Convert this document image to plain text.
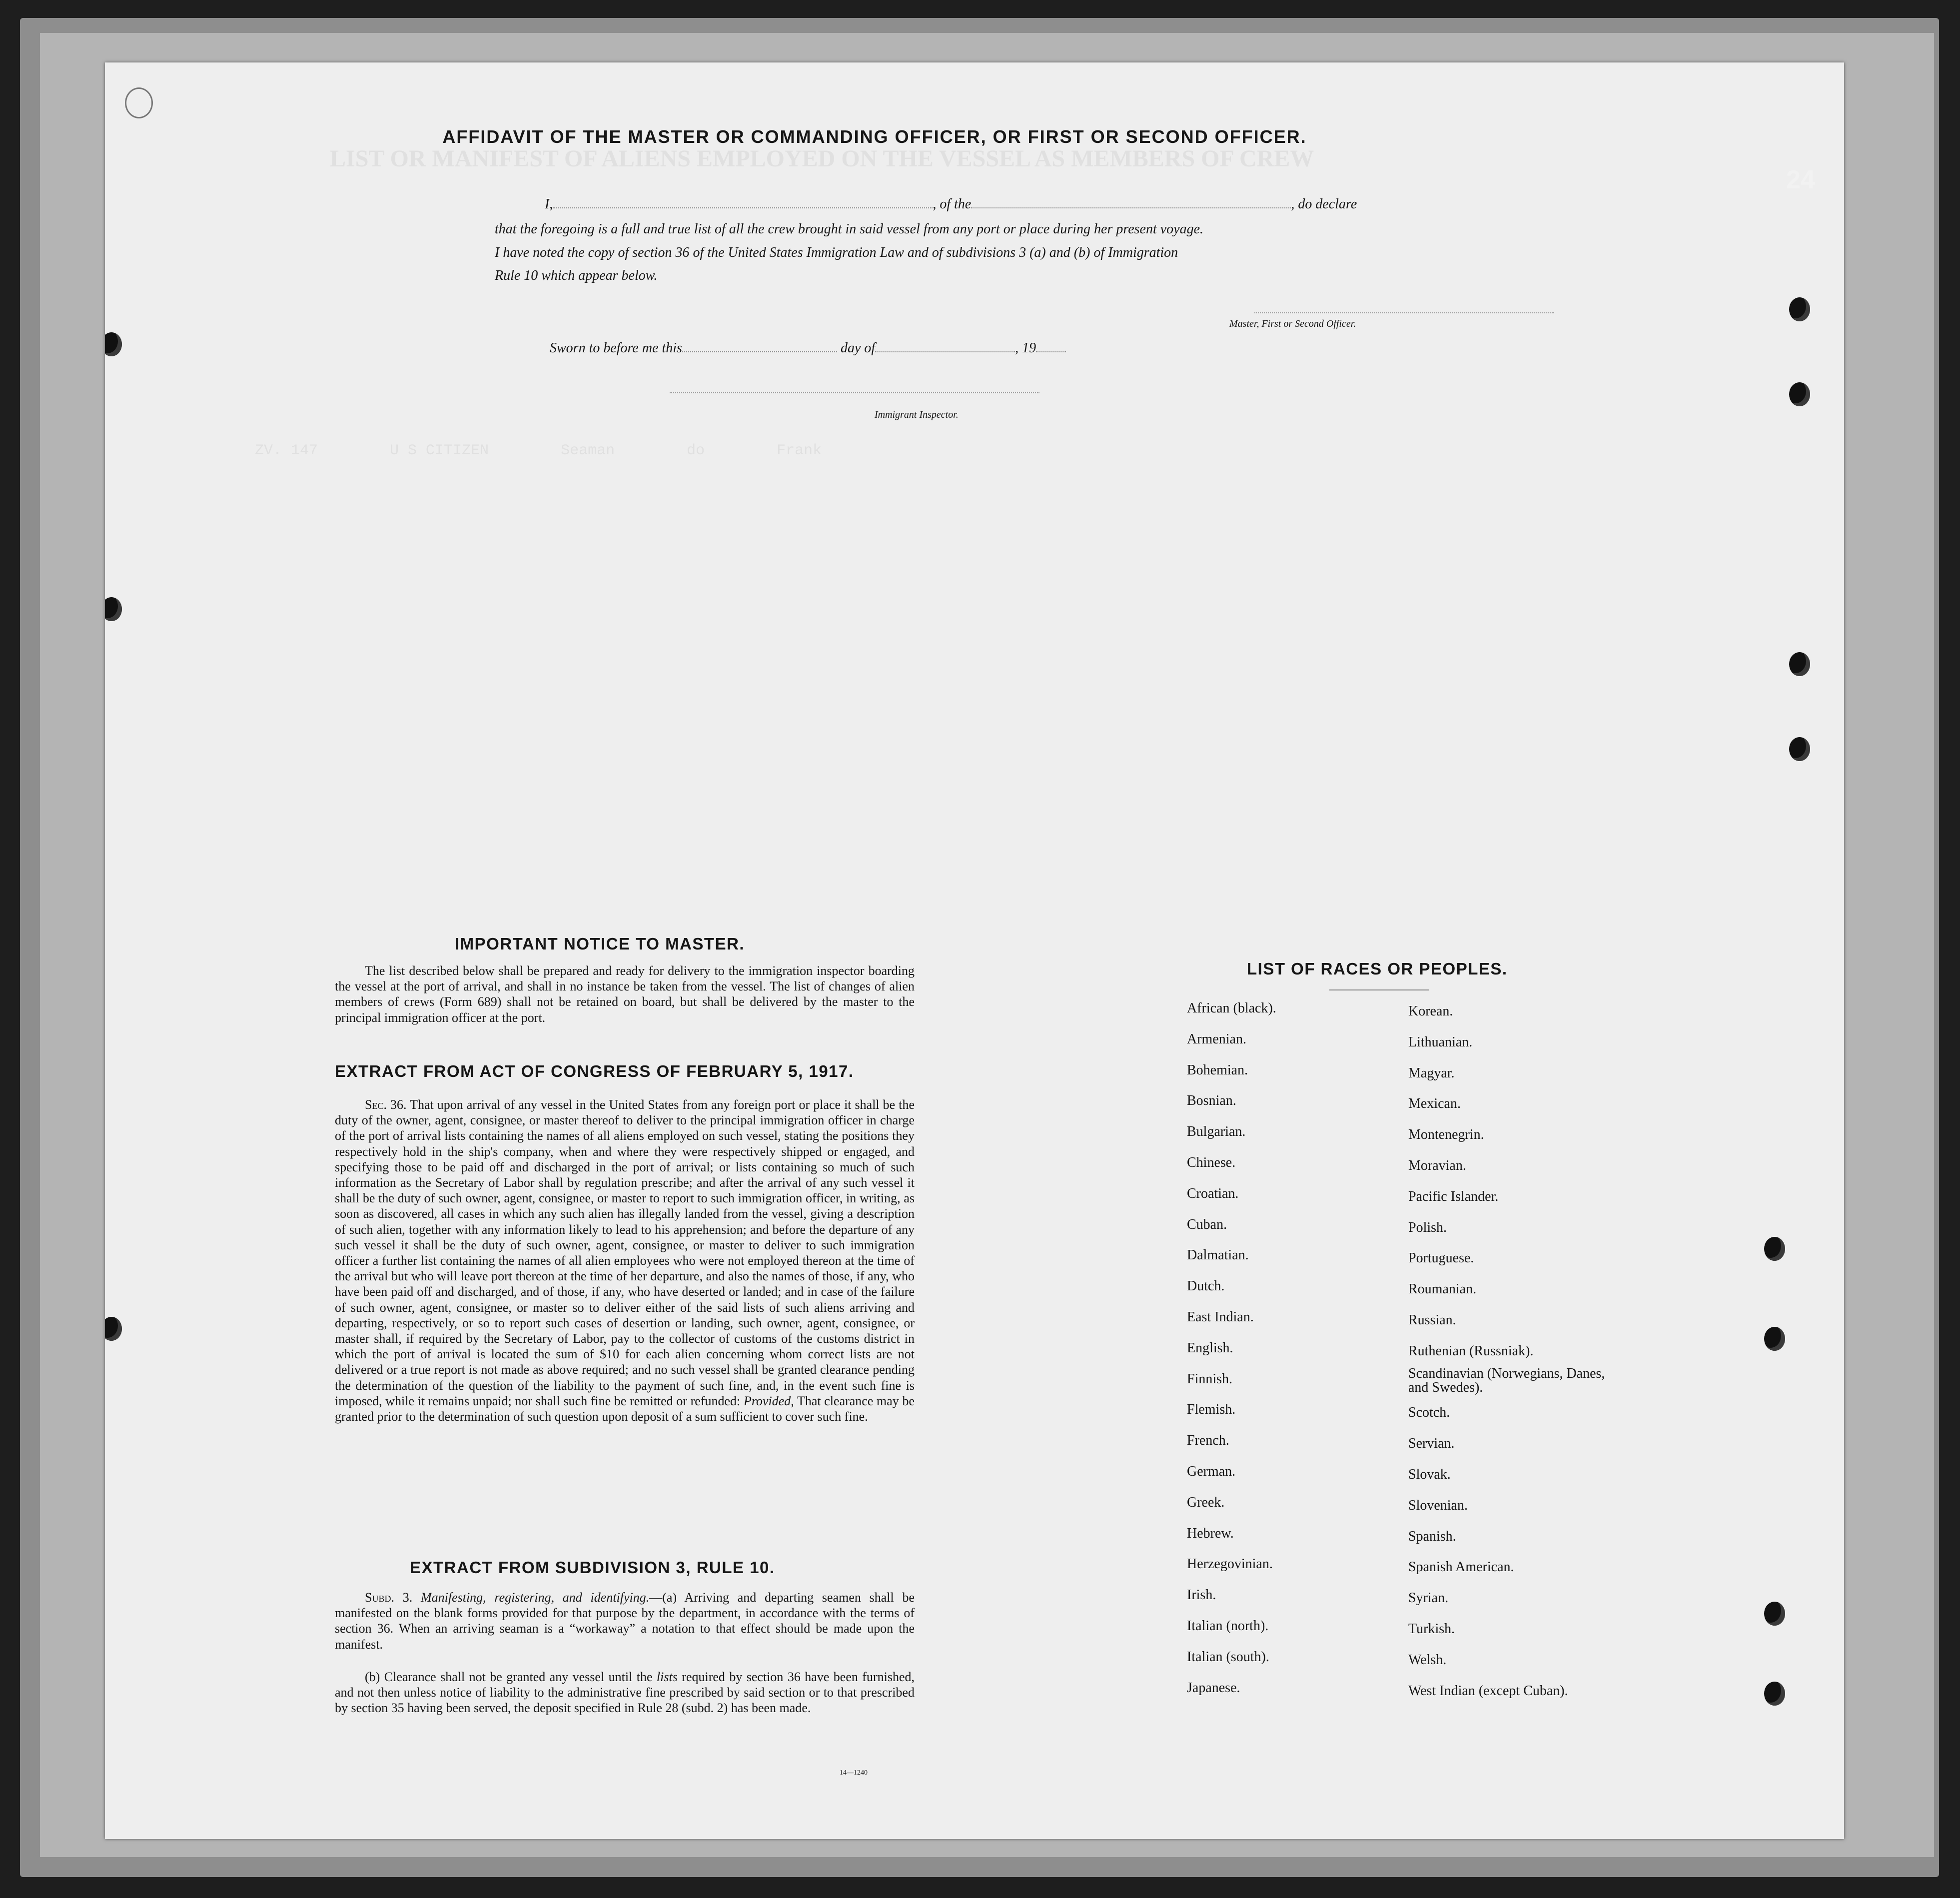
LIST OR MANIFEST OF ALIENS EMPLOYED ON THE VESSEL AS MEMBERS OF CREW
ZV. 147        U S CITIZEN        Seaman        do        Frank
24
AFFIDAVIT OF THE MASTER OR COMMANDING OFFICER, OR FIRST OR SECOND OFFICER.
I,	, of the	, do declare
that the foregoing is a full and true list of all the crew brought in said vessel from any port or place during her present voyage.
I have noted the copy of section 36 of the United States Immigration Law and of subdivisions 3 (a) and (b) of Immigration
Rule 10 which appear below.
Master, First or Second Officer.
Sworn to before me this	day of	, 19
Immigrant Inspector.
IMPORTANT NOTICE TO MASTER.
The list described below shall be prepared and ready for delivery to the immigration inspector boarding the vessel at the port of arrival, and shall in no instance be taken from the vessel. The list of changes of alien members of crews (Form 689) shall not be retained on board, but shall be delivered by the master to the principal immigration officer at the port.
EXTRACT FROM ACT OF CONGRESS OF FEBRUARY 5, 1917.
Sec. 36. That upon arrival of any vessel in the United States from any foreign port or place it shall be the duty of the owner, agent, consignee, or master thereof to deliver to the principal immigration officer in charge of the port of arrival lists containing the names of all aliens employed on such vessel, stating the positions they respectively hold in the ship's company, when and where they were respectively shipped or engaged, and specifying those to be paid off and discharged in the port of arrival; or lists containing so much of such information as the Secretary of Labor shall by regulation prescribe; and after the arrival of any such vessel it shall be the duty of such owner, agent, consignee, or master to report to such immigration officer, in writing, as soon as discovered, all cases in which any such alien has illegally landed from the vessel, giving a description of such alien, together with any information likely to lead to his apprehension; and before the departure of any such vessel it shall be the duty of such owner, agent, consignee, or master to deliver to such immigration officer a further list containing the names of all alien employees who were not employed thereon at the time of the arrival but who will leave port thereon at the time of her departure, and also the names of those, if any, who have been paid off and discharged, and of those, if any, who have deserted or landed; and in case of the failure of such owner, agent, consignee, or master so to deliver either of the said lists of such aliens arriving and departing, respectively, or so to report such cases of desertion or landing, such owner, agent, consignee, or master shall, if required by the Secretary of Labor, pay to the collector of customs of the customs district in which the port of arrival is located the sum of $10 for each alien concerning whom correct lists are not delivered or a true report is not made as above required; and no such vessel shall be granted clearance pending the determination of the question of the liability to the payment of such fine, and, in the event such fine is imposed, while it remains unpaid; nor shall such fine be remitted or refunded: Provided, That clearance may be granted prior to the determination of such question upon deposit of a sum sufficient to cover such fine.
EXTRACT FROM SUBDIVISION 3, RULE 10.
Subd. 3. Manifesting, registering, and identifying.—(a) Arriving and departing seamen shall be manifested on the blank forms provided for that purpose by the department, in accordance with the terms of section 36. When an arriving seaman is a “workaway” a notation to that effect should be made upon the manifest.
(b) Clearance shall not be granted any vessel until the lists required by section 36 have been furnished, and not then unless notice of liability to the administrative fine prescribed by said section or to that prescribed by section 35 having been served, the deposit specified in Rule 28 (subd. 2) has been made.
14—1240
LIST OF RACES OR PEOPLES.
African (black).
Armenian.
Bohemian.
Bosnian.
Bulgarian.
Chinese.
Croatian.
Cuban.
Dalmatian.
Dutch.
East Indian.
English.
Finnish.
Flemish.
French.
German.
Greek.
Hebrew.
Herzegovinian.
Irish.
Italian (north).
Italian (south).
Japanese.
Korean.
Lithuanian.
Magyar.
Mexican.
Montenegrin.
Moravian.
Pacific Islander.
Polish.
Portuguese.
Roumanian.
Russian.
Ruthenian (Russniak).
Scandinavian (Norwegians, Danes, and Swedes).
Scotch.
Servian.
Slovak.
Slovenian.
Spanish.
Spanish American.
Syrian.
Turkish.
Welsh.
West Indian (except Cuban).
